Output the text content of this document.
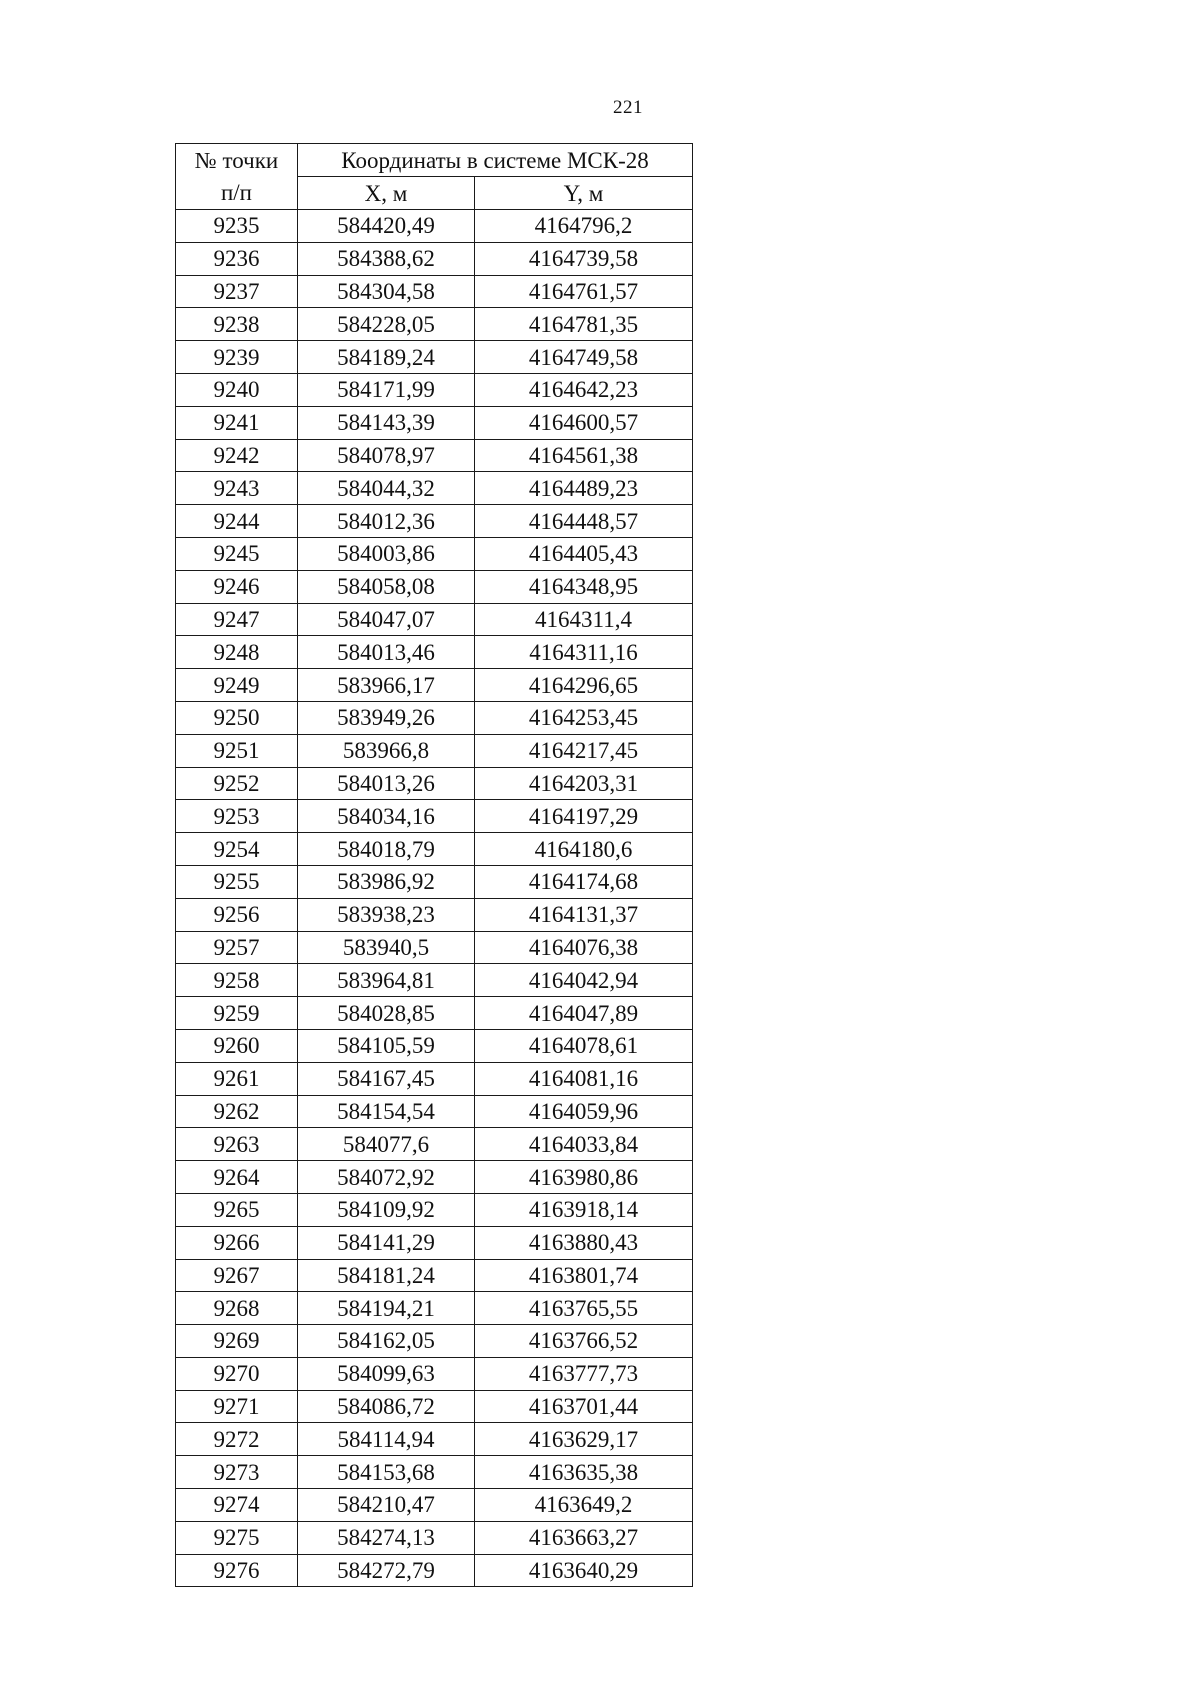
221
№ точки
п/п	Координаты в системе МСК-28	
	X, м	Y, м
9235	584420,49	4164796,2
9236	584388,62	4164739,58
9237	584304,58	4164761,57
9238	584228,05	4164781,35
9239	584189,24	4164749,58
9240	584171,99	4164642,23
9241	584143,39	4164600,57
9242	584078,97	4164561,38
9243	584044,32	4164489,23
9244	584012,36	4164448,57
9245	584003,86	4164405,43
9246	584058,08	4164348,95
9247	584047,07	4164311,4
9248	584013,46	4164311,16
9249	583966,17	4164296,65
9250	583949,26	4164253,45
9251	583966,8	4164217,45
9252	584013,26	4164203,31
9253	584034,16	4164197,29
9254	584018,79	4164180,6
9255	583986,92	4164174,68
9256	583938,23	4164131,37
9257	583940,5	4164076,38
9258	583964,81	4164042,94
9259	584028,85	4164047,89
9260	584105,59	4164078,61
9261	584167,45	4164081,16
9262	584154,54	4164059,96
9263	584077,6	4164033,84
9264	584072,92	4163980,86
9265	584109,92	4163918,14
9266	584141,29	4163880,43
9267	584181,24	4163801,74
9268	584194,21	4163765,55
9269	584162,05	4163766,52
9270	584099,63	4163777,73
9271	584086,72	4163701,44
9272	584114,94	4163629,17
9273	584153,68	4163635,38
9274	584210,47	4163649,2
9275	584274,13	4163663,27
9276	584272,79	4163640,29
